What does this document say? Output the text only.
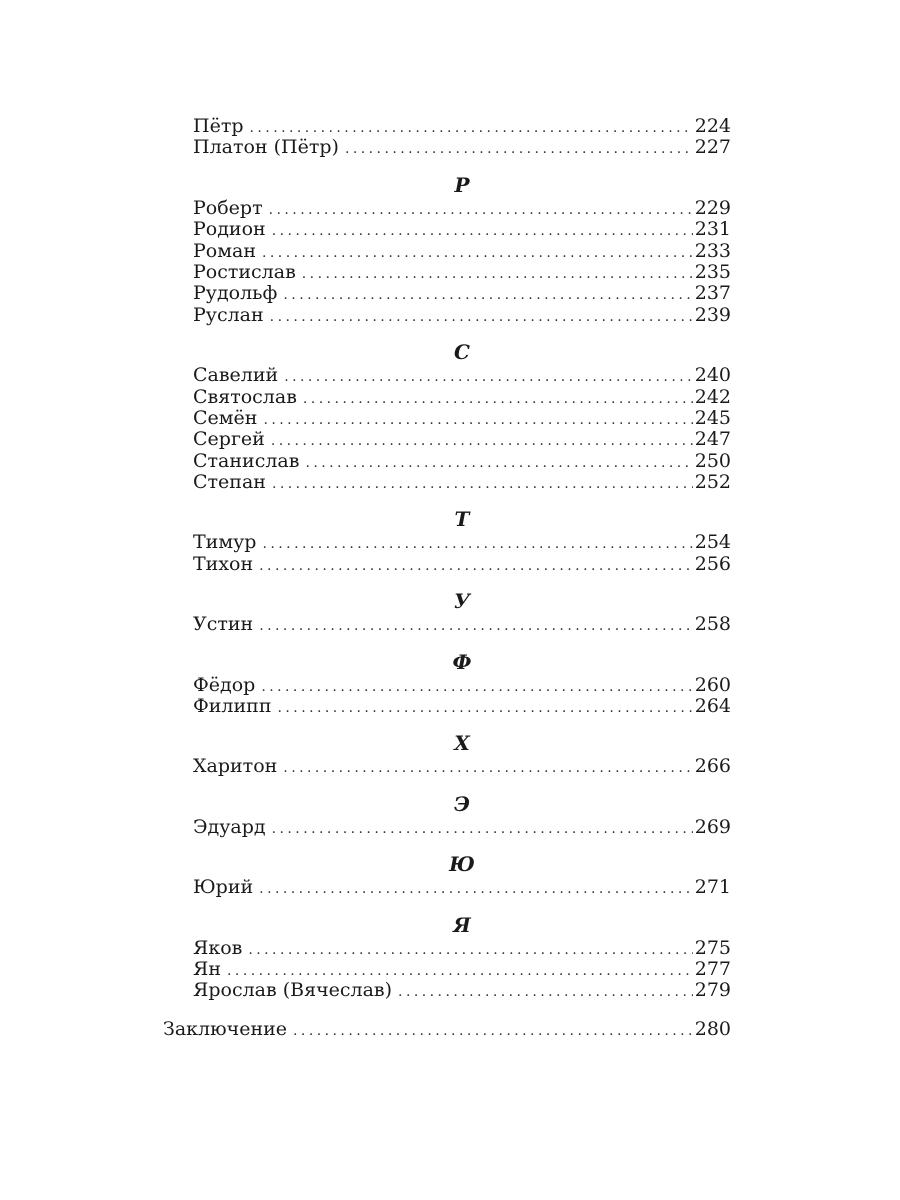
Пётр . . .	224
Платон (Пётр) . . .	227
Р
Роберт . . .	229
Родион . . .	231
Роман . . .	233
Ростислав . . .	235
Рудольф . . .	237
Руслан . . .	239
С
Савелий . . .	240
Святослав . . .	242
Семён . . .	245
Сергей . . .	247
Станислав . . .	250
Степан . . .	252
Т
Тимур . . .	254
Тихон . . .	256
У
Устин . . .	258
Ф
Фёдор . . .	260
Филипп . . .	264
Х
Харитон . . .	266
Э
Эдуард . . .	269
Ю
Юрий . . .	271
Я
Яков . . .	275
Ян . . .	277
Ярослав (Вячеслав) . . .	279
Заключение . . .	280
